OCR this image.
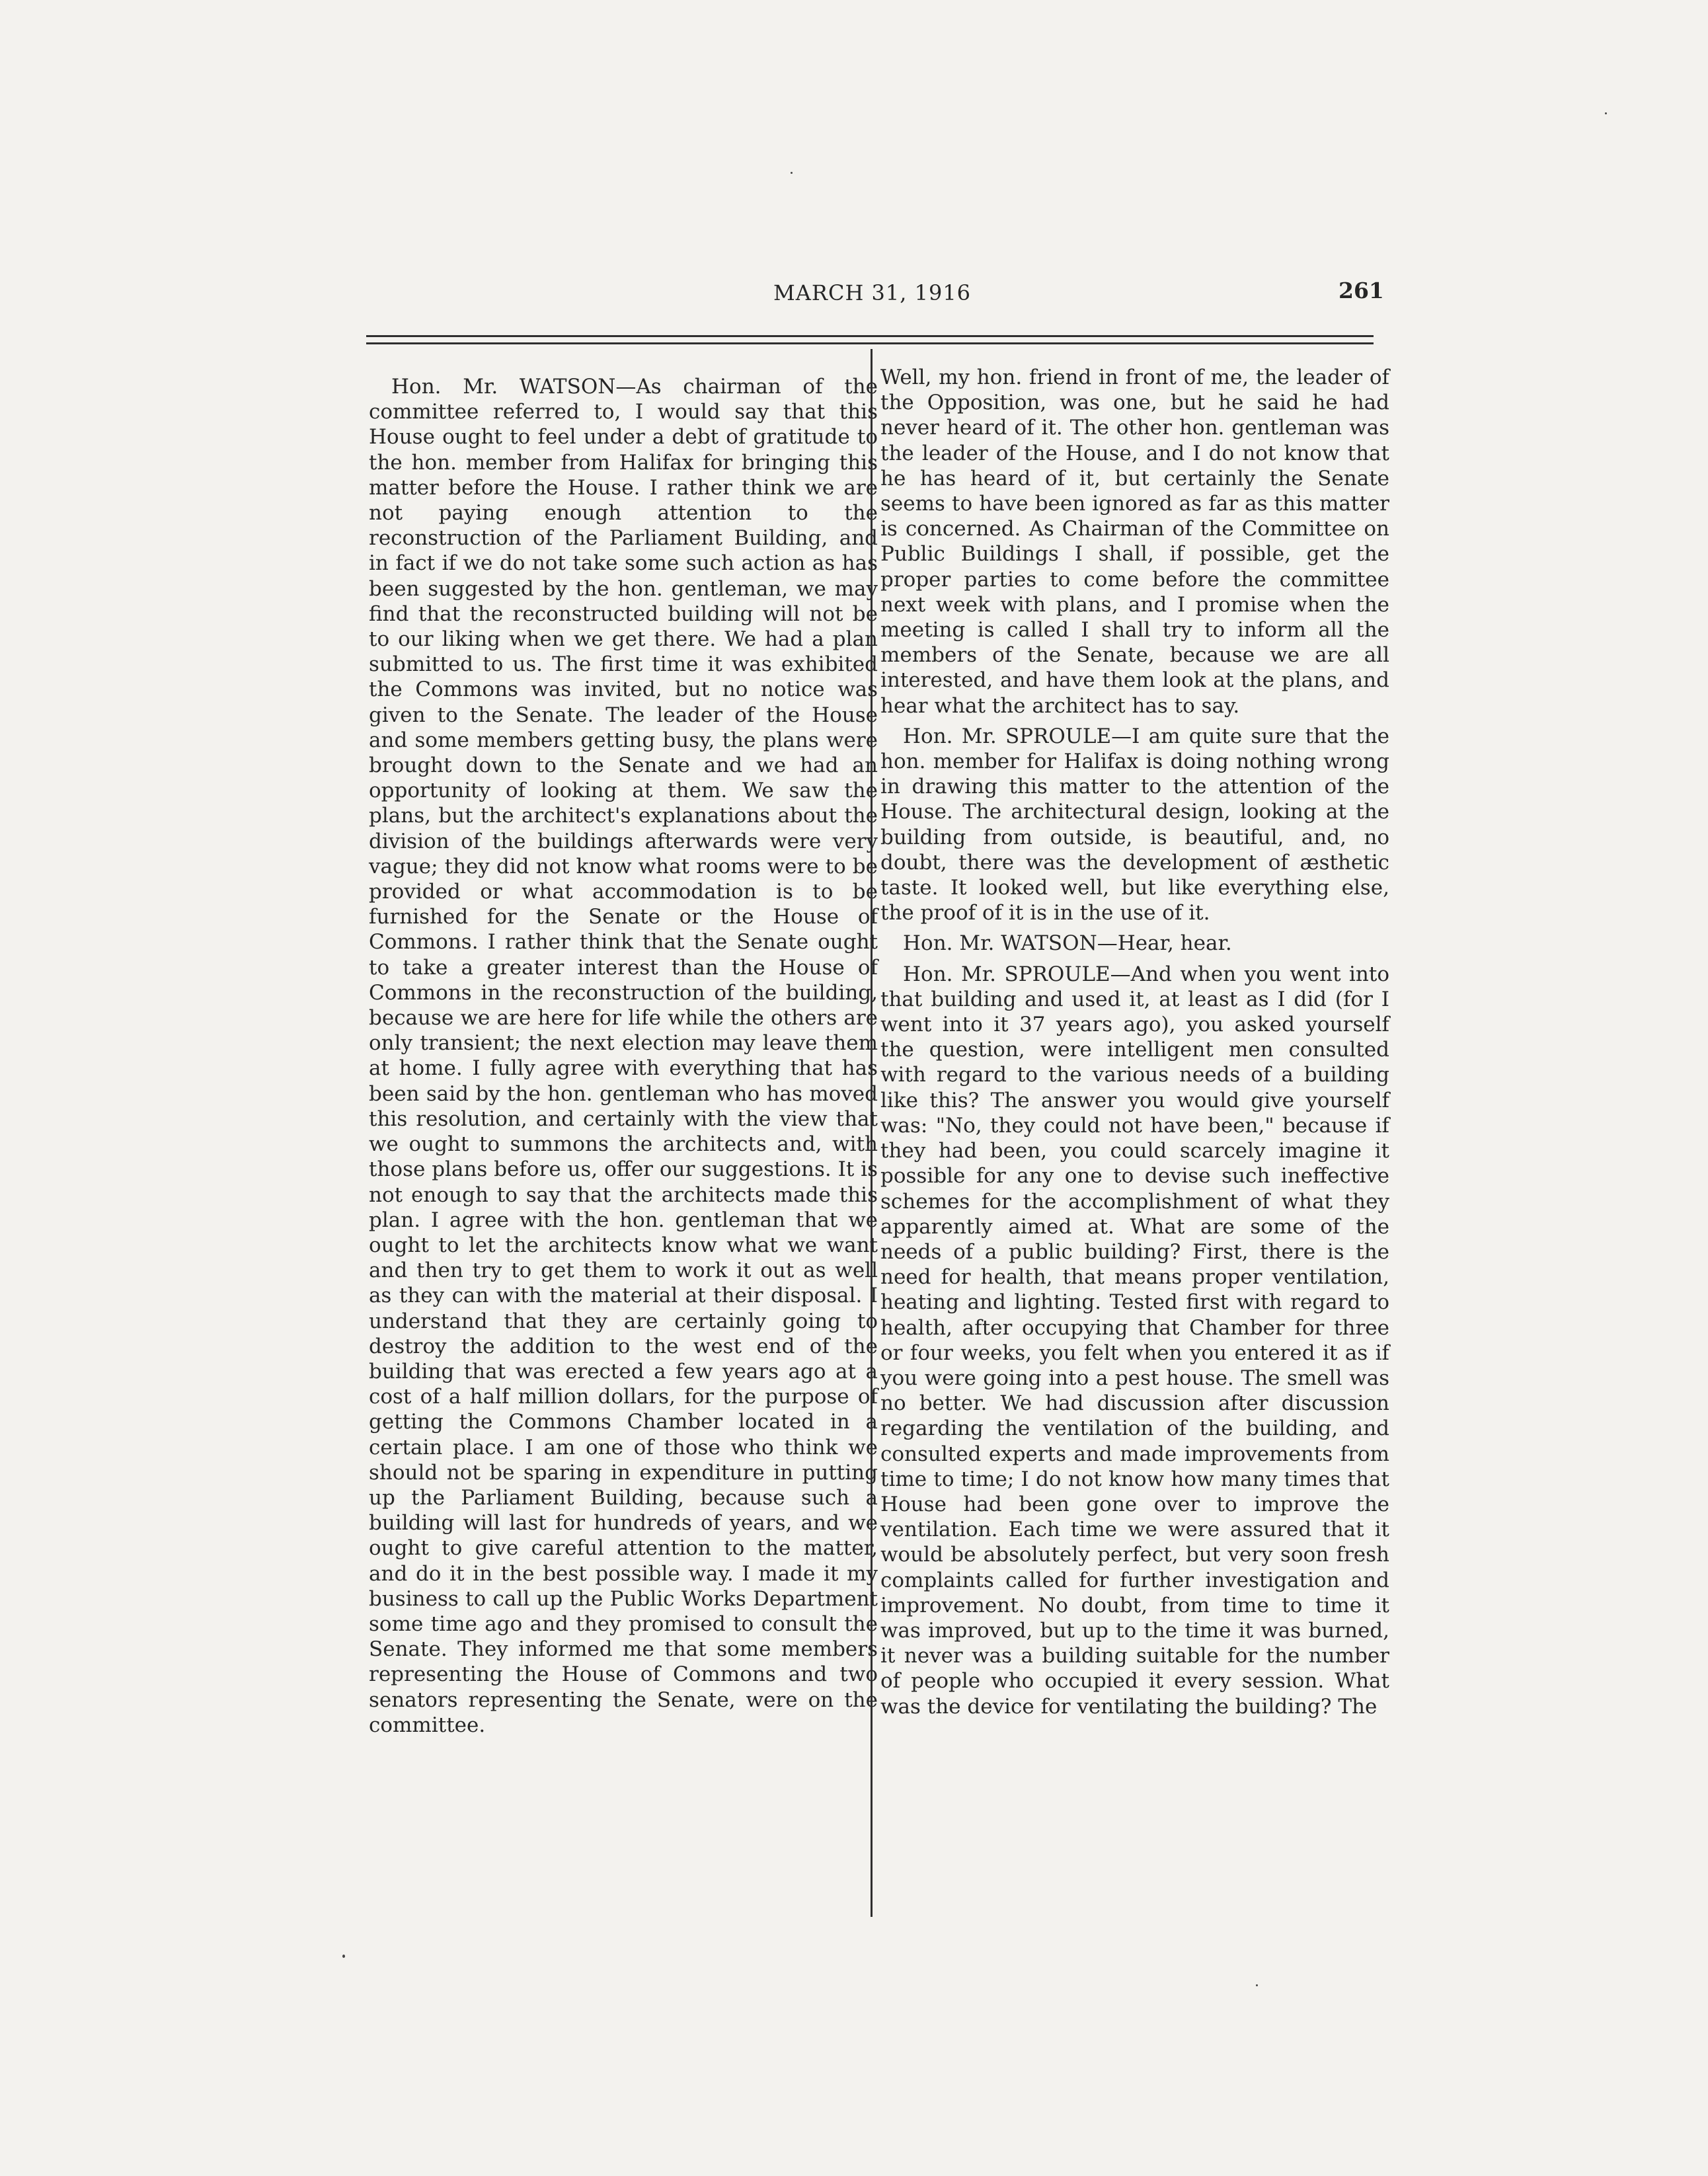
MARCH 31, 1916	261

Hon. Mr. WATSON—As chairman of the committee referred to, I would say that this House ought to feel under a debt of gratitude to the hon. member from Halifax for bringing this matter before the House. I rather think we are not paying enough attention to the reconstruction of the Parliament Building, and in fact if we do not take some such action as has been suggested by the hon. gentleman, we may find that the reconstructed building will not be to our liking when we get there. We had a plan submitted to us. The first time it was exhibited the Commons was invited, but no notice was given to the Senate. The leader of the House and some members getting busy, the plans were brought down to the Senate and we had an opportunity of looking at them. We saw the plans, but the architect's explanations about the division of the buildings afterwards were very vague; they did not know what rooms were to be provided or what accommodation is to be furnished for the Senate or the House of Commons. I rather think that the Senate ought to take a greater interest than the House of Commons in the reconstruction of the building, because we are here for life while the others are only transient; the next election may leave them at home. I fully agree with everything that has been said by the hon. gentleman who has moved this resolution, and certainly with the view that we ought to summons the architects and, with those plans before us, offer our suggestions. It is not enough to say that the architects made this plan. I agree with the hon. gentleman that we ought to let the architects know what we want and then try to get them to work it out as well as they can with the material at their disposal. I understand that they are certainly going to destroy the addition to the west end of the building that was erected a few years ago at a cost of a half million dollars, for the purpose of getting the Commons Chamber located in a certain place. I am one of those who think we should not be sparing in expenditure in putting up the Parliament Building, because such a building will last for hundreds of years, and we ought to give careful attention to the matter, and do it in the best possible way. I made it my business to call up the Public Works Department some time ago and they promised to consult the Senate. They informed me that some members representing the House of Commons and two senators representing the Senate, were on the committee.

Well, my hon. friend in front of me, the leader of the Opposition, was one, but he said he had never heard of it. The other hon. gentleman was the leader of the House, and I do not know that he has heard of it, but certainly the Senate seems to have been ignored as far as this matter is concerned. As Chairman of the Committee on Public Buildings I shall, if possible, get the proper parties to come before the committee next week with plans, and I promise when the meeting is called I shall try to inform all the members of the Senate, because we are all interested, and have them look at the plans, and hear what the architect has to say.

Hon. Mr. SPROULE—I am quite sure that the hon. member for Halifax is doing nothing wrong in drawing this matter to the attention of the House. The architectural design, looking at the building from outside, is beautiful, and, no doubt, there was the development of æsthetic taste. It looked well, but like everything else, the proof of it is in the use of it.

Hon. Mr. WATSON—Hear, hear.

Hon. Mr. SPROULE—And when you went into that building and used it, at least as I did (for I went into it 37 years ago), you asked yourself the question, were intelligent men consulted with regard to the various needs of a building like this? The answer you would give yourself was: "No, they could not have been," because if they had been, you could scarcely imagine it possible for any one to devise such ineffective schemes for the accomplishment of what they apparently aimed at. What are some of the needs of a public building? First, there is the need for health, that means proper ventilation, heating and lighting. Tested first with regard to health, after occupying that Chamber for three or four weeks, you felt when you entered it as if you were going into a pest house. The smell was no better. We had discussion after discussion regarding the ventilation of the building, and consulted experts and made improvements from time to time; I do not know how many times that House had been gone over to improve the ventilation. Each time we were assured that it would be absolutely perfect, but very soon fresh complaints called for further investigation and improvement. No doubt, from time to time it was improved, but up to the time it was burned, it never was a building suitable for the number of people who occupied it every session. What was the device for ventilating the building? The
